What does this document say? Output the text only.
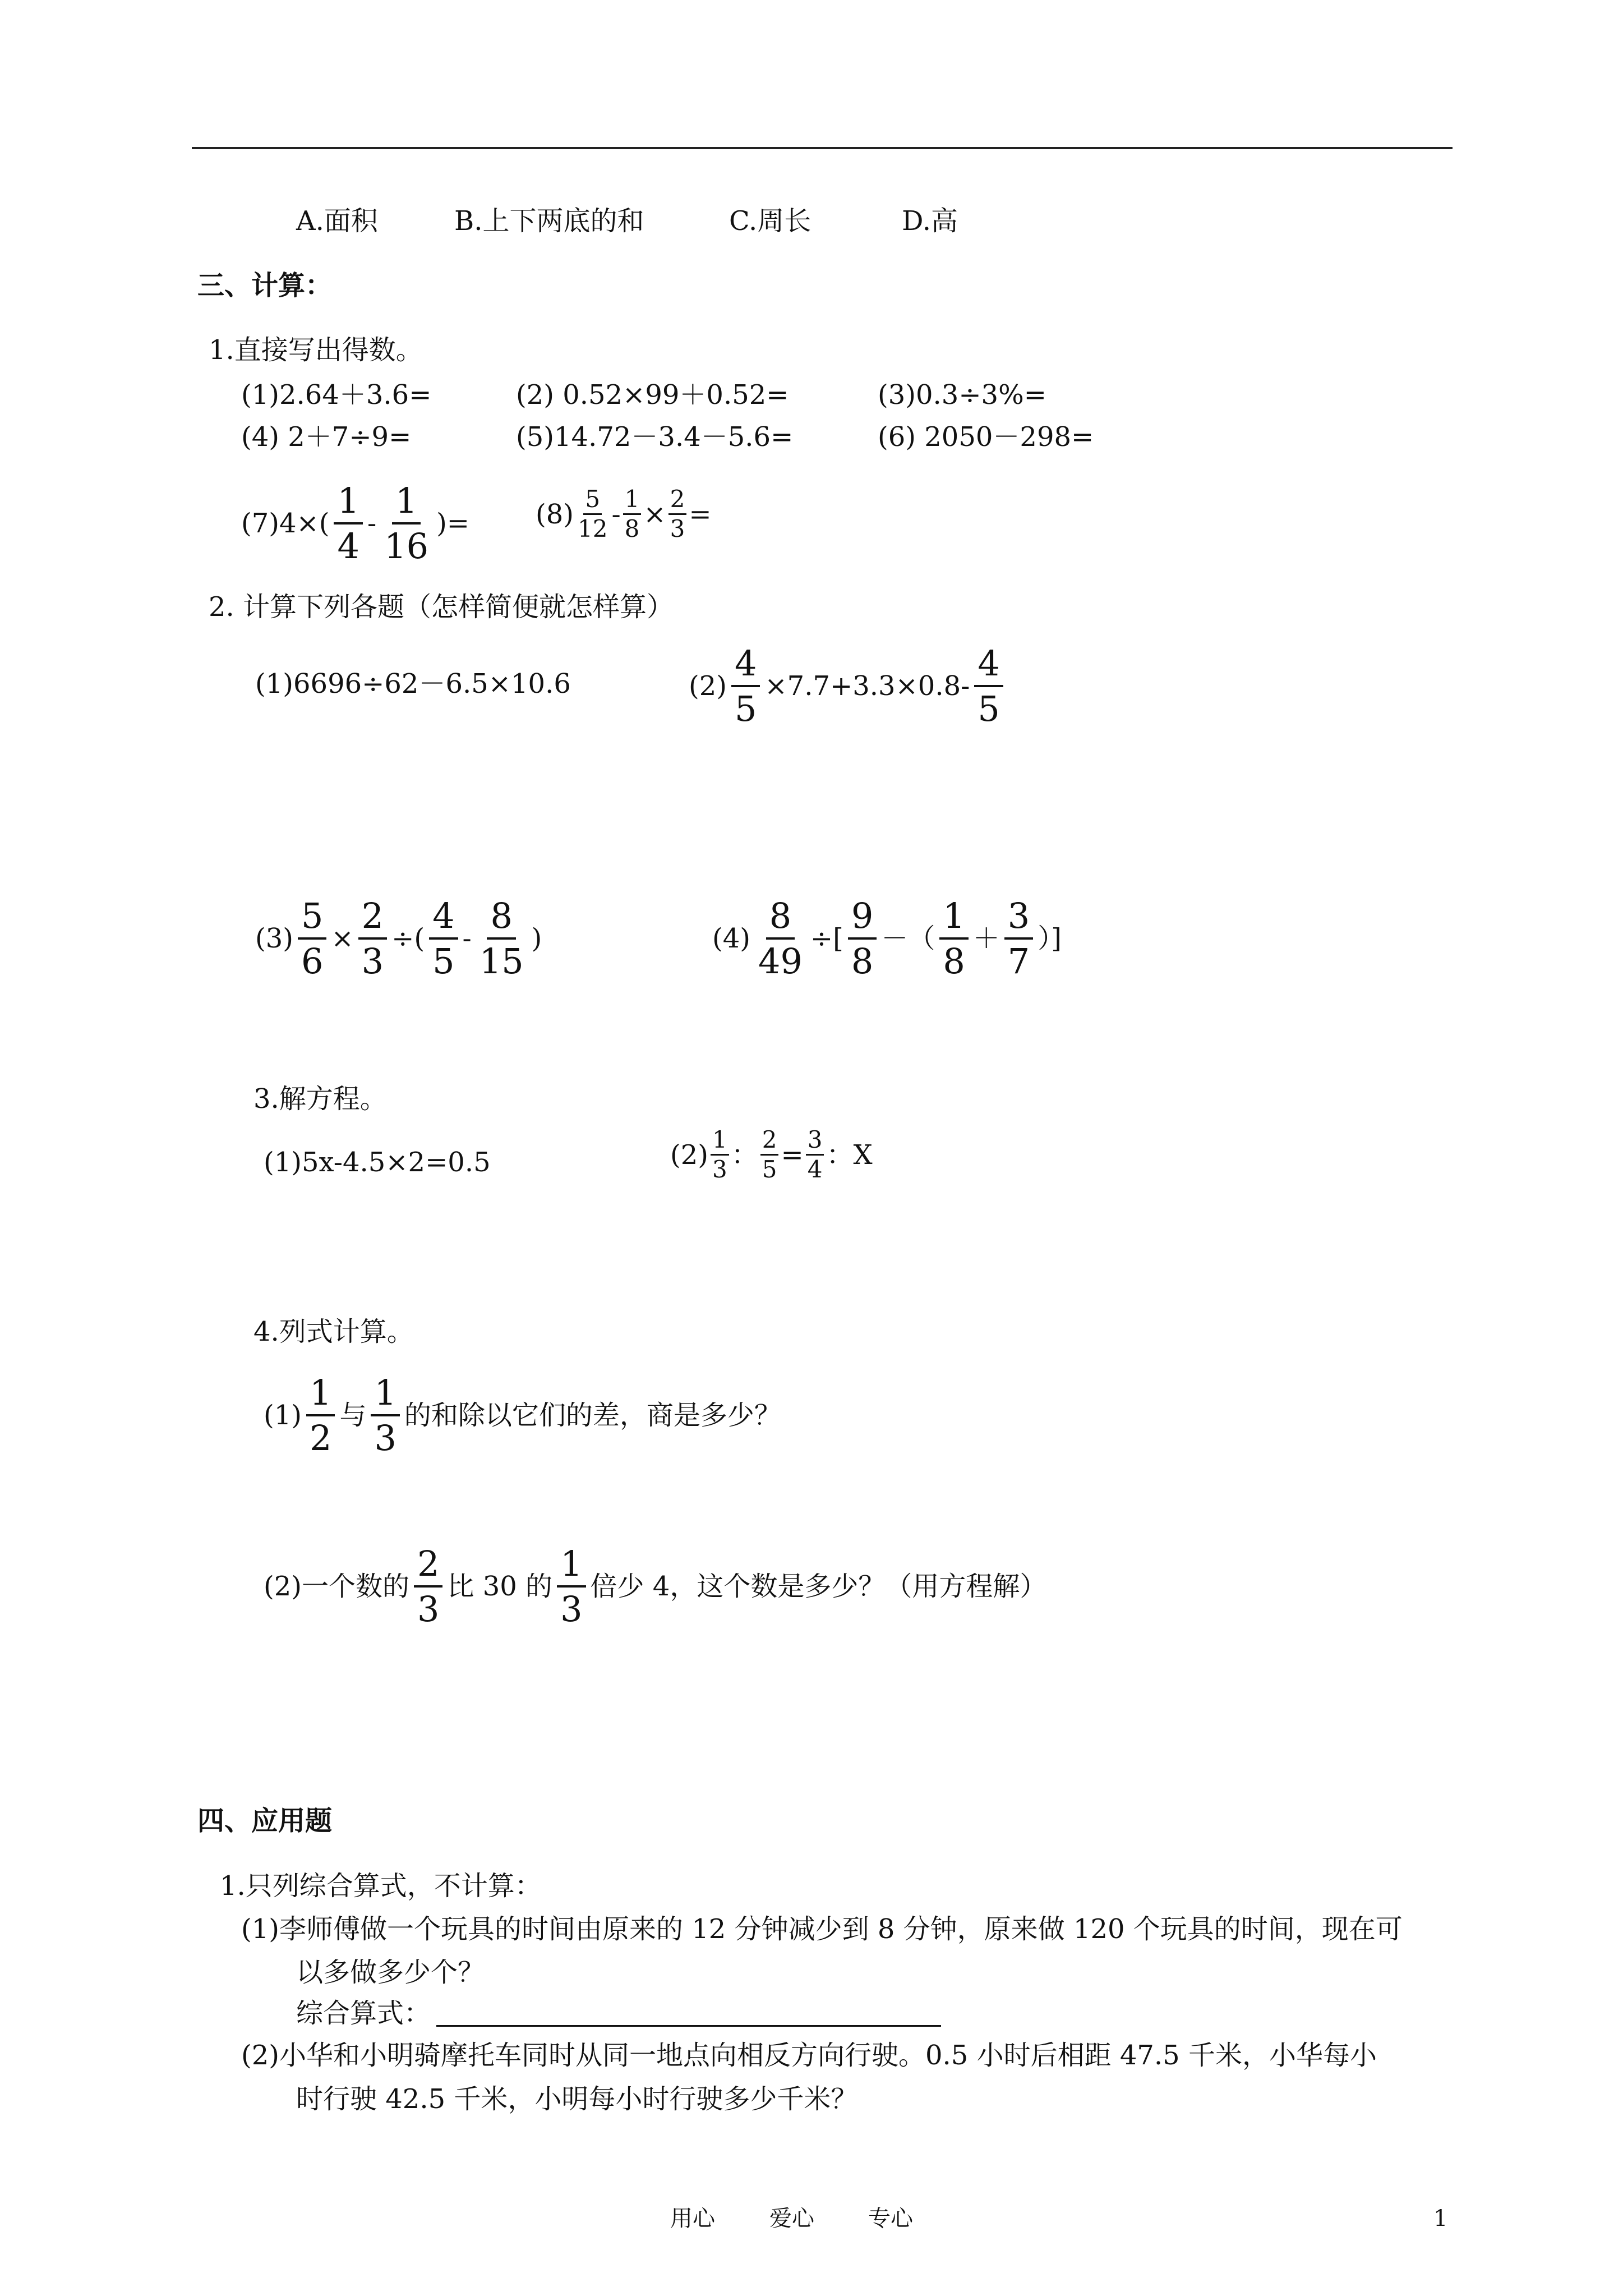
A.面积	B.上下两底的和	C.周长	D.高
三、计算：
1.直接写出得数。
(1)2.64＋3.6=	(2) 0.52×99＋0.52=	(3)0.3÷3%=
(4) 2＋7÷9=	(5)14.72－3.4－5.6=	(6) 2050－298=
$(7)4\times( \frac{1}{4} - \frac{1}{16}$ )= $(8) \frac{5}{12} - \frac{1}{8} \times \frac{2}{3}$ =
2. 计算下列各题（怎样简便就怎样算）
(1)6696÷62－6.5×10.6	$(2) \frac{4}{5} \times 7.7+3.3\times 0.8- \frac{4}{5}$
$(3) \frac{5}{6} \times \frac{2}{3}$ ÷( $\frac{4}{5} - \frac{8}{15}$ )	$(4) \frac{8}{49}$ ÷[ $\frac{9}{8}$ －（ $\frac{1}{8} + \frac{3}{7}$ ）]
3.解方程。
(1)5x-4.5×2=0.5	$(2) \frac{1}{3}$ ： $\frac{2}{5} = \frac{3}{4}$ ：X
4.列式计算。
$(1) \frac{1}{2}$ 与 $\frac{1}{3}$ 的和除以它们的差，商是多少？
(2)一个数的 $\frac{2}{3}$ 比 30 的 $\frac{1}{3}$ 倍少 4，这个数是多少？（用方程解）
四、应用题
1.只列综合算式，不计算：
(1)李师傅做一个玩具的时间由原来的 12 分钟减少到 8 分钟，原来做 120 个玩具的时间，现在可
以多做多少个？
综合算式：
(2)小华和小明骑摩托车同时从同一地点向相反方向行驶。0.5 小时后相距 47.5 千米，小华每小
时行驶 42.5 千米，小明每小时行驶多少千米？
用心 爱心 专心	1
